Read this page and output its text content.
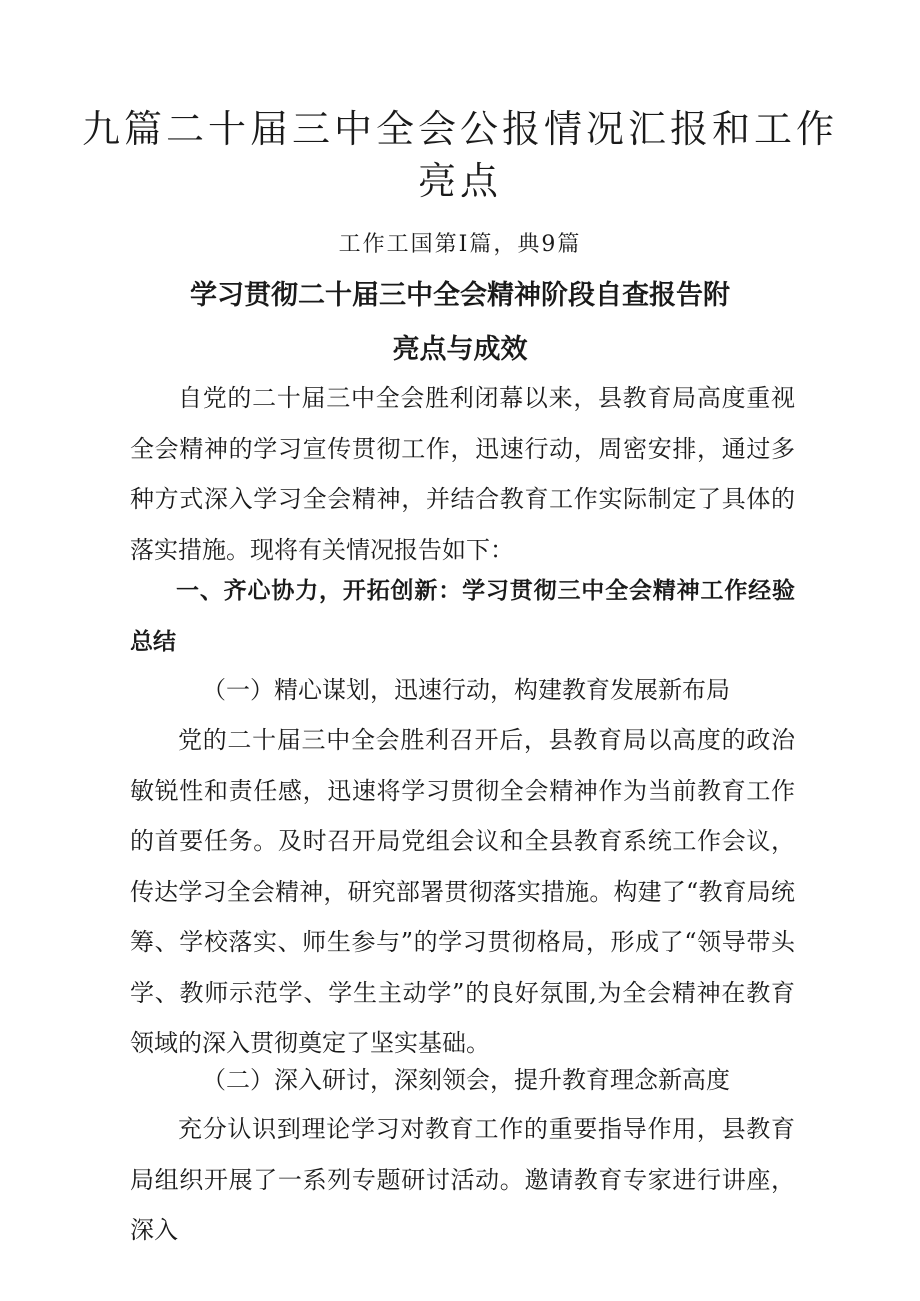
九篇二十届三中全会公报情况汇报和工作
亮点
工作工国第Ⅰ篇，典9篇
学习贯彻二十届三中全会精神阶段自查报告附
亮点与成效

自党的二十届三中全会胜利闭幕以来，县教育局高度重视全会精神的学习宣传贯彻工作，迅速行动，周密安排，通过多种方式深入学习全会精神，并结合教育工作实际制定了具体的落实措施。现将有关情况报告如下：

一、齐心协力，开拓创新：学习贯彻三中全会精神工作经验总结

（一）精心谋划，迅速行动，构建教育发展新布局

党的二十届三中全会胜利召开后，县教育局以高度的政治敏锐性和责任感，迅速将学习贯彻全会精神作为当前教育工作的首要任务。及时召开局党组会议和全县教育系统工作会议，传达学习全会精神，研究部署贯彻落实措施。构建了“教育局统筹、学校落实、师生参与”的学习贯彻格局，形成了“领导带头学、教师示范学、学生主动学”的良好氛围,为全会精神在教育领域的深入贯彻奠定了坚实基础。

（二）深入研讨，深刻领会，提升教育理念新高度

充分认识到理论学习对教育工作的重要指导作用，县教育局组织开展了一系列专题研讨活动。邀请教育专家进行讲座，深入
